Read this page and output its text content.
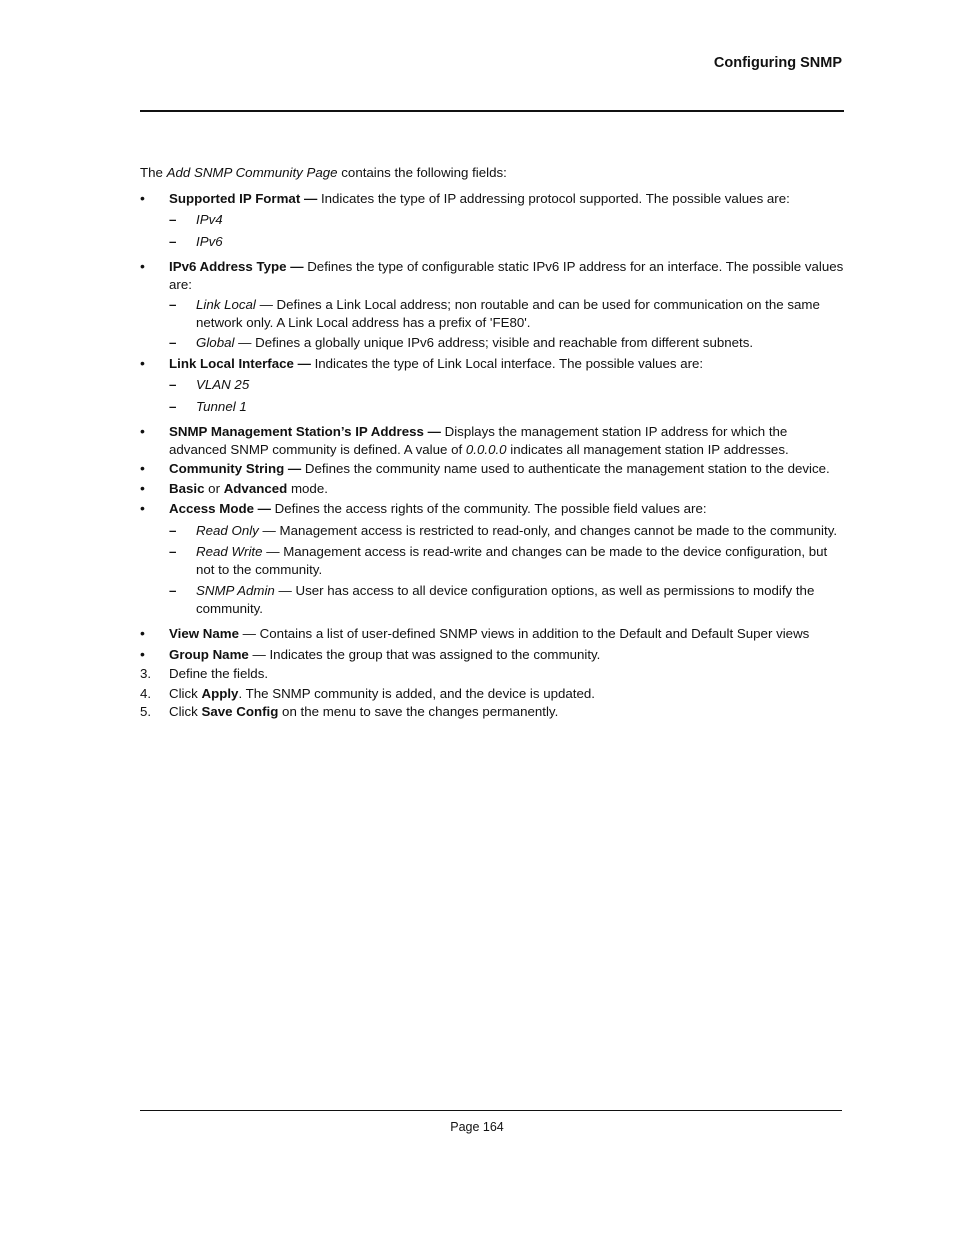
Configuring SNMP

The Add SNMP Community Page contains the following fields:

• Supported IP Format — Indicates the type of IP addressing protocol supported. The possible values are:
– IPv4
– IPv6
• IPv6 Address Type — Defines the type of configurable static IPv6 IP address for an interface. The possible values are:
– Link Local — Defines a Link Local address; non routable and can be used for communication on the same network only. A Link Local address has a prefix of 'FE80'.
– Global — Defines a globally unique IPv6 address; visible and reachable from different subnets.
• Link Local Interface — Indicates the type of Link Local interface. The possible values are:
– VLAN 25
– Tunnel 1
• SNMP Management Station’s IP Address — Displays the management station IP address for which the advanced SNMP community is defined. A value of 0.0.0.0 indicates all management station IP addresses.
• Community String — Defines the community name used to authenticate the management station to the device.
• Basic or Advanced mode.
• Access Mode — Defines the access rights of the community. The possible field values are:
– Read Only — Management access is restricted to read-only, and changes cannot be made to the community.
– Read Write — Management access is read-write and changes can be made to the device configuration, but not to the community.
– SNMP Admin — User has access to all device configuration options, as well as permissions to modify the community.
• View Name — Contains a list of user-defined SNMP views in addition to the Default and Default Super views
• Group Name — Indicates the group that was assigned to the community.
3. Define the fields.
4. Click Apply. The SNMP community is added, and the device is updated.
5. Click Save Config on the menu to save the changes permanently.
Page 164
